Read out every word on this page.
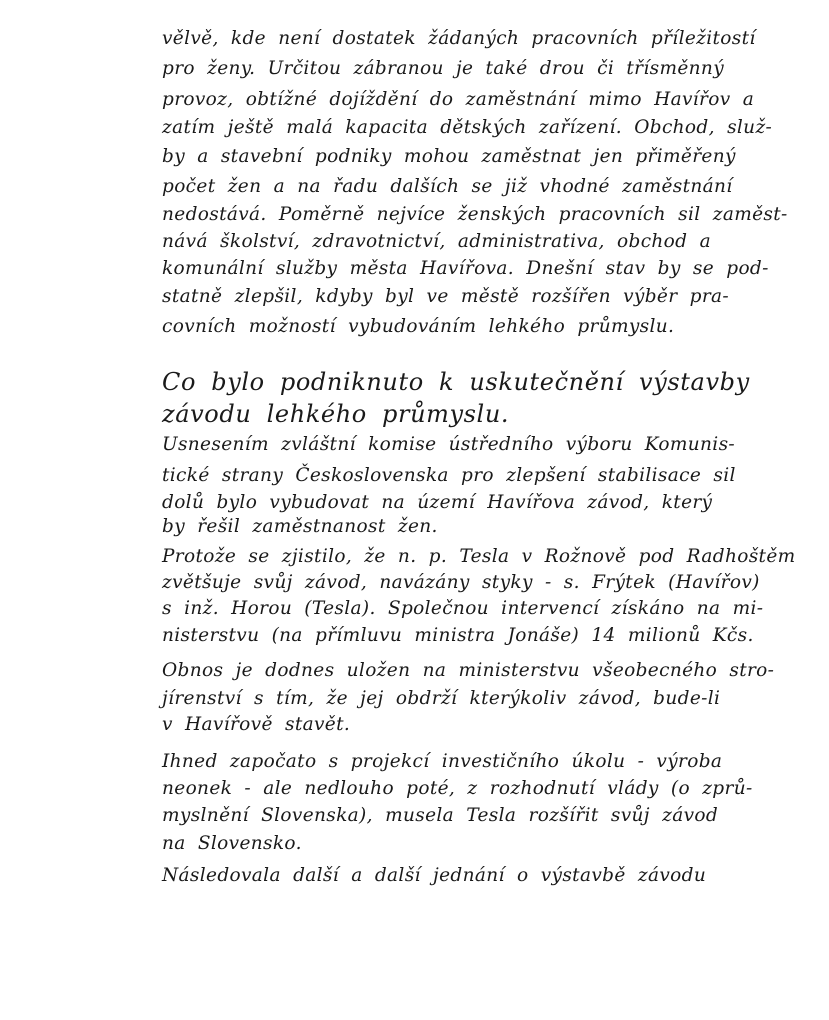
vělvě, kde není dostatek žádaných pracovních příležitostí
pro ženy. Určitou zábranou je také drou či třísměnný
provoz, obtížné dojíždění do zaměstnání mimo Havířov a
zatím ještě malá kapacita dětských zařízení. Obchod, služ-
by a stavební podniky mohou zaměstnat jen přiměřený
počet žen a na řadu dalších se již vhodné zaměstnání
nedostává. Poměrně nejvíce ženských pracovních sil zaměst-
nává školství, zdravotnictví, administrativa, obchod a
komunální služby města Havířova. Dnešní stav by se pod-
statně zlepšil, kdyby byl ve městě rozšířen výběr pra-
covních možností vybudováním lehkého průmyslu.
Co bylo podniknuto k uskutečnění výstavby
závodu lehkého průmyslu.
Usnesením zvláštní komise ústředního výboru Komunis-
tické strany Československa pro zlepšení stabilisace sil
dolů bylo vybudovat na území Havířova závod, který
by řešil zaměstnanost žen.
Protože se zjistilo, že n. p. Tesla v Rožnově pod Radhoštěm
zvětšuje svůj závod, navázány styky - s. Frýtek (Havířov)
s inž. Horou (Tesla). Společnou intervencí získáno na mi-
nisterstvu (na přímluvu ministra Jonáše) 14 milionů Kčs.
Obnos je dodnes uložen na ministerstvu všeobecného stro-
jírenství s tím, že jej obdrží kterýkoliv závod, bude-li
v Havířově stavět.
Ihned započato s projekcí investičního úkolu - výroba
neonek - ale nedlouho poté, z rozhodnutí vlády (o zprů-
myslnění Slovenska), musela Tesla rozšířit svůj závod
na Slovensko.
Následovala další a další jednání o výstavbě závodu
